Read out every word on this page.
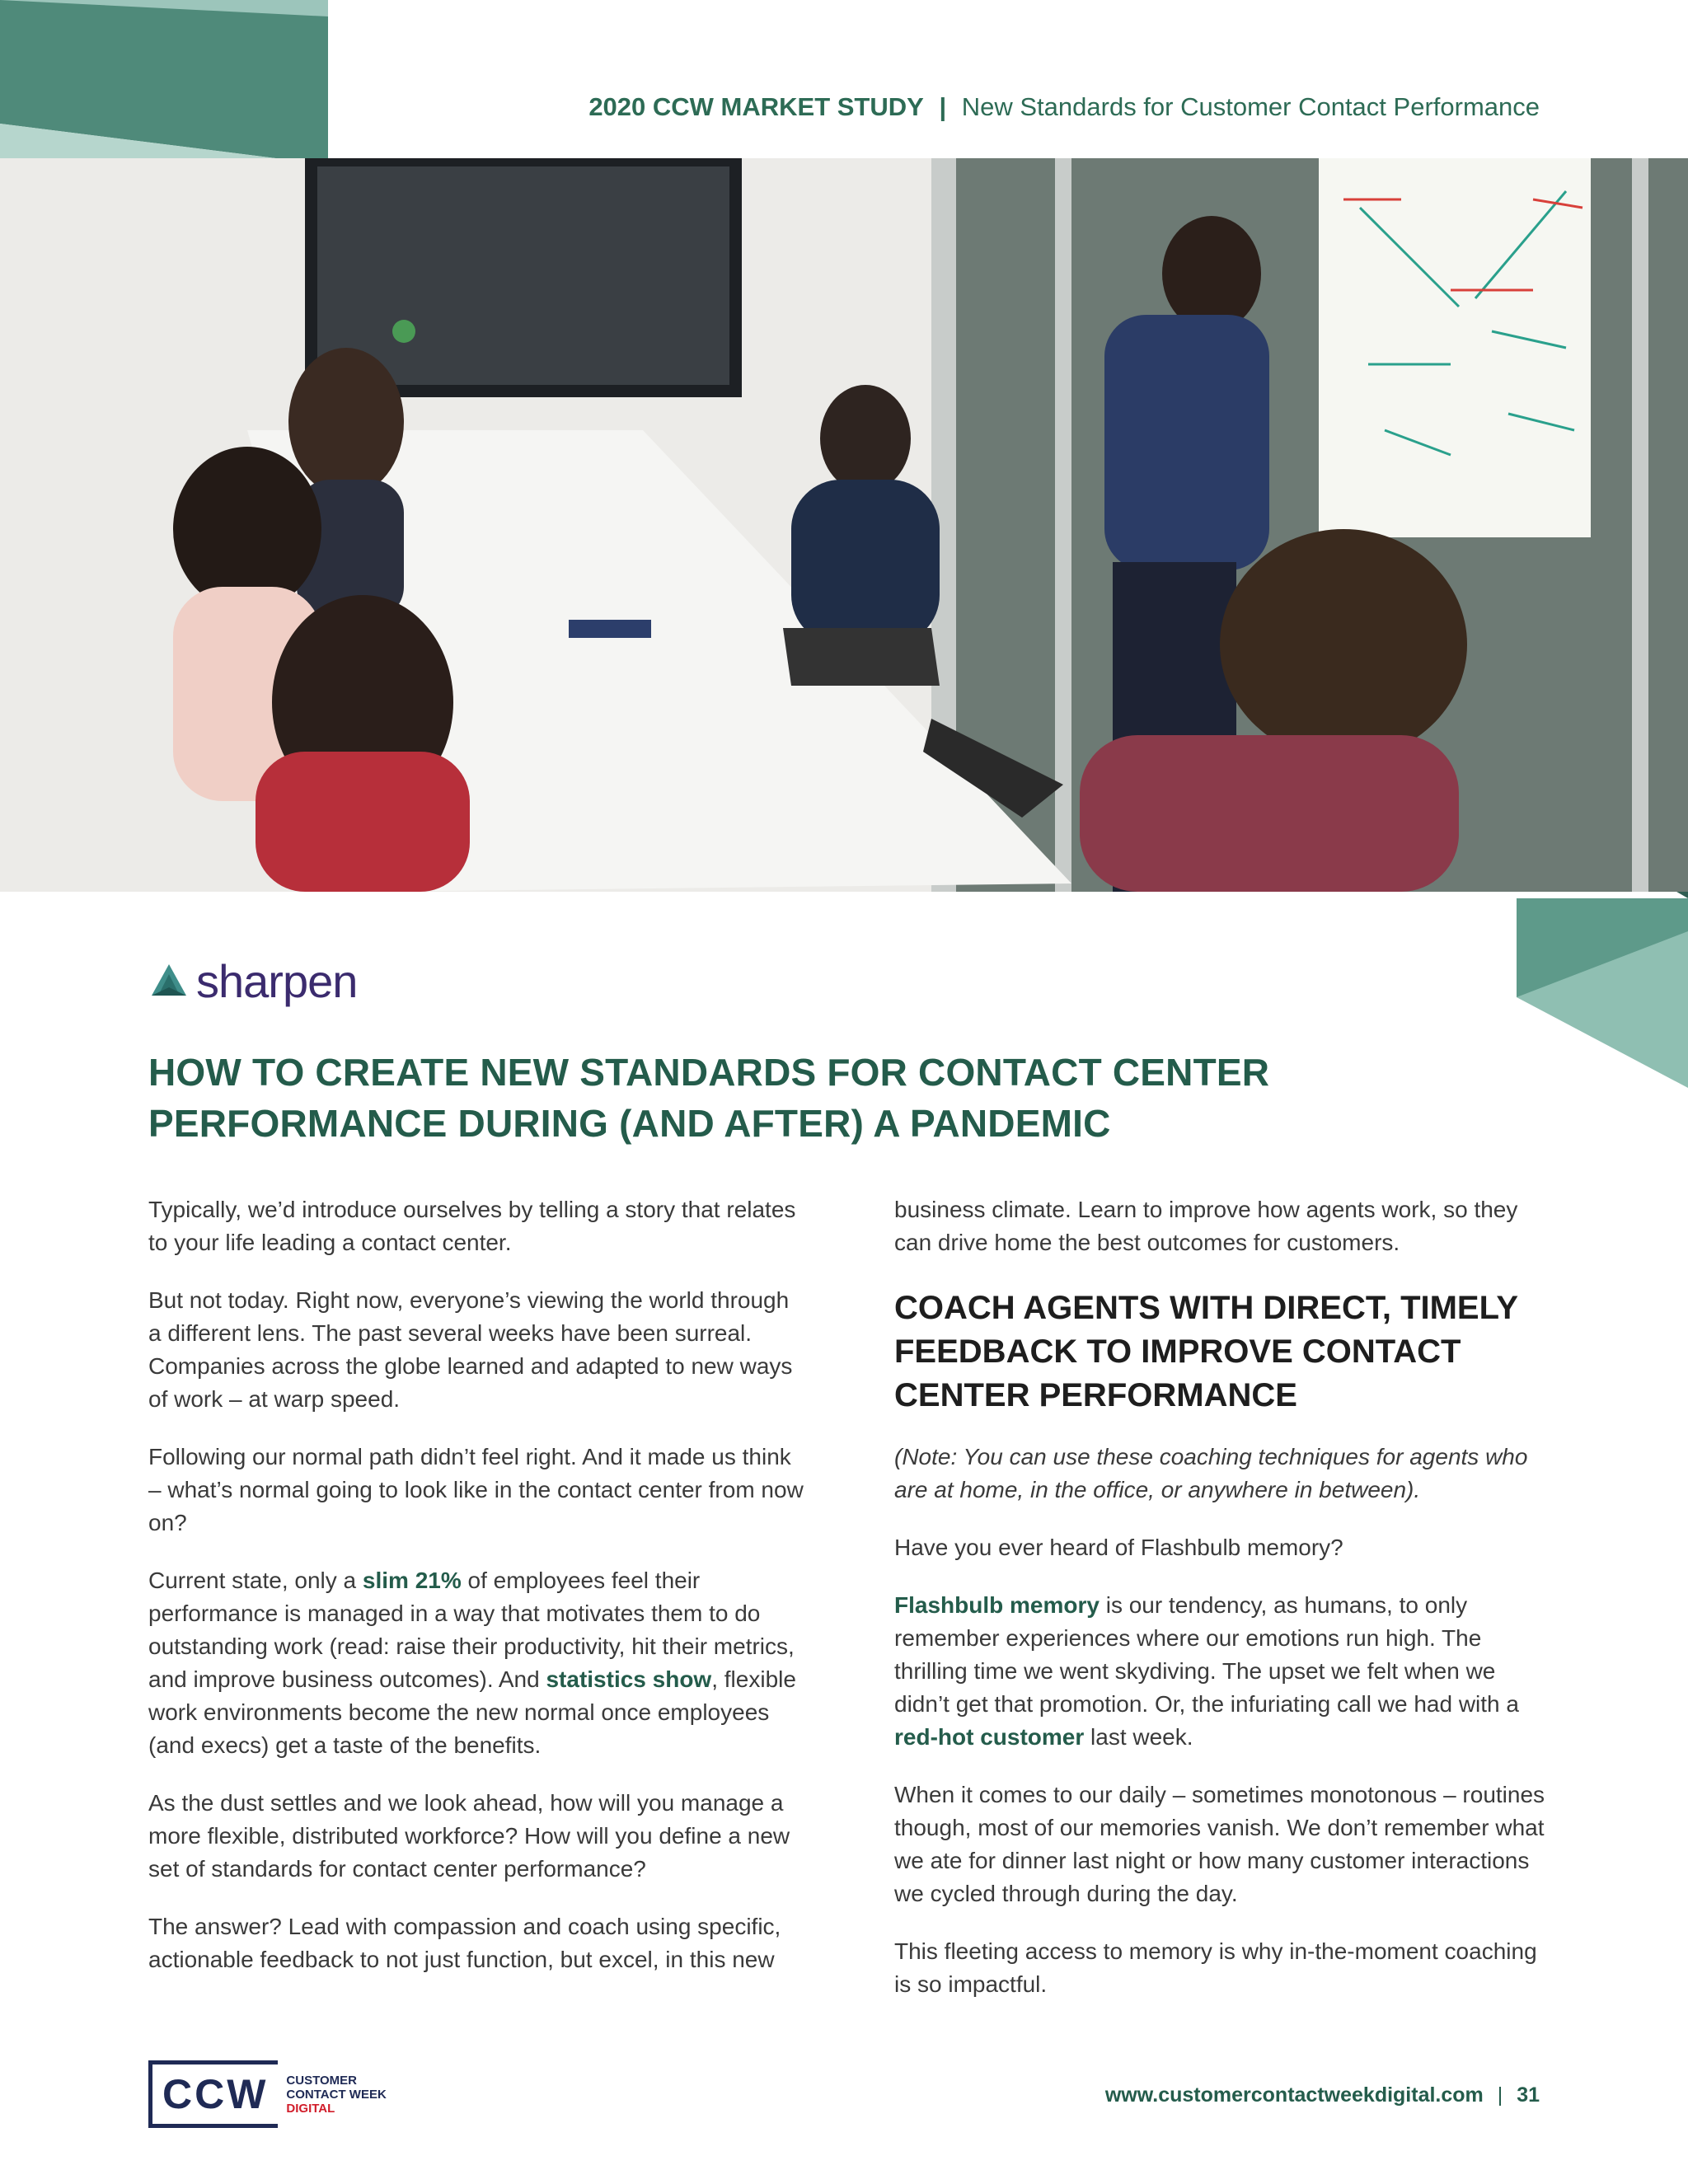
2020 CCW MARKET STUDY | New Standards for Customer Contact Performance
sharpen
HOW TO CREATE NEW STANDARDS FOR CONTACT CENTER
PERFORMANCE DURING (AND AFTER) A PANDEMIC

Typically, we’d introduce ourselves by telling a story that relates to your life leading a contact center.

But not today. Right now, everyone’s viewing the world through a different lens. The past several weeks have been surreal. Companies across the globe learned and adapted to new ways of work – at warp speed.

Following our normal path didn’t feel right. And it made us think – what’s normal going to look like in the contact center from now on?

Current state, only a slim 21% of employees feel their performance is managed in a way that motivates them to do outstanding work (read: raise their productivity, hit their metrics, and improve business outcomes). And statistics show, flexible work environments become the new normal once employees (and execs) get a taste of the benefits.

As the dust settles and we look ahead, how will you manage a more flexible, distributed workforce? How will you define a new set of standards for contact center performance?

The answer? Lead with compassion and coach using specific, actionable feedback to not just function, but excel, in this new

business climate. Learn to improve how agents work, so they can drive home the best outcomes for customers.

COACH AGENTS WITH DIRECT, TIMELY FEEDBACK TO IMPROVE CONTACT CENTER PERFORMANCE

(Note: You can use these coaching techniques for agents who are at home, in the office, or anywhere in between).

Have you ever heard of Flashbulb memory?

Flashbulb memory is our tendency, as humans, to only remember experiences where our emotions run high. The thrilling time we went skydiving. The upset we felt when we didn’t get that promotion. Or, the infuriating call we had with a red-hot customer last week.

When it comes to our daily – sometimes monotonous – routines though, most of our memories vanish. We don’t remember what we ate for dinner last night or how many customer interactions we cycled through during the day.

This fleeting access to memory is why in-the-moment coaching is so impactful.

CCW	CUSTOMER
CONTACT WEEK
DIGITAL
www.customercontactweekdigital.com | 31
